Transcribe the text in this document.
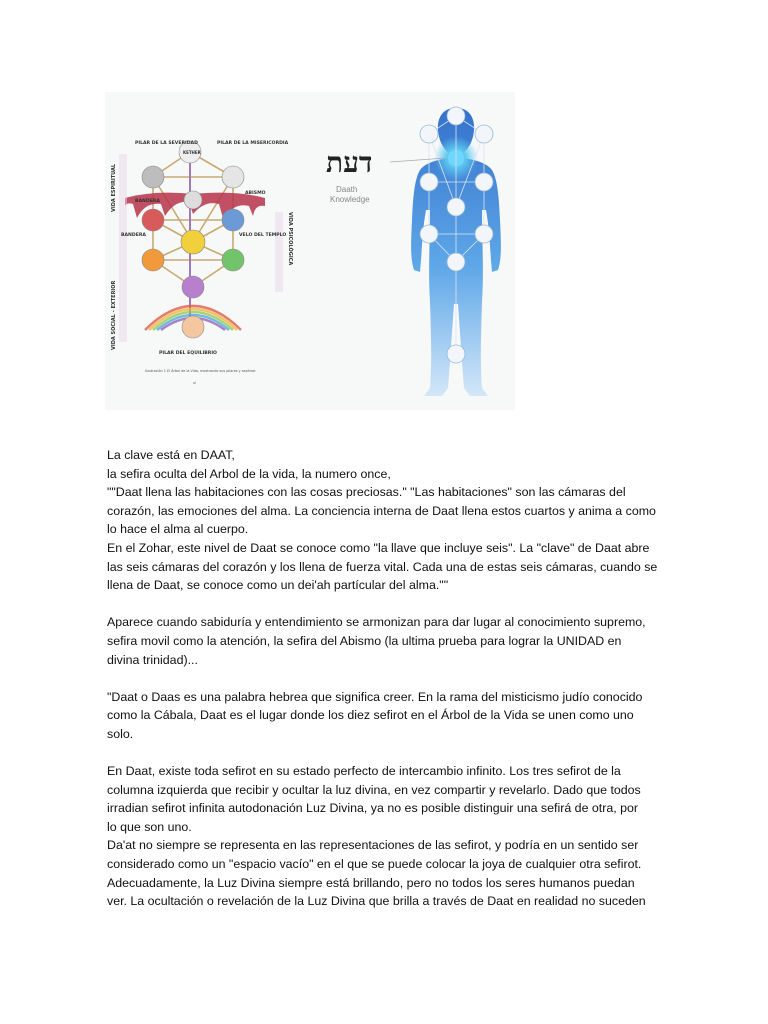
PILAR DE LA SEVERIDAD	PILAR DE LA MISERICORDIA
PILAR DEL EQUILIBRIO
BANDERA
BANDERA	VELO DEL TEMPLO
ABISMO
KETHER
VIDA ESPIRITUAL
VIDA SOCIAL - EXTERIOR
VIDA PSICOLÓGICA
Ilustración 1 El Árbol de la Vida, mostrando sus pilares y sephirot
xi
דעת
Daath
Knowledge

La clave está en DAAT,

la sefira oculta del Arbol de la vida, la numero once,

""Daat llena las habitaciones con las cosas preciosas." "Las habitaciones" son las cámaras del

corazón, las emociones del alma. La conciencia interna de Daat llena estos cuartos y anima a como

lo hace el alma al cuerpo.

En el Zohar, este nivel de Daat se conoce como "la llave que incluye seis". La "clave" de Daat abre

las seis cámaras del corazón y los llena de fuerza vital. Cada una de estas seis cámaras, cuando se

llena de Daat, se conoce como un dei'ah partícular del alma.""

Aparece cuando sabiduría y entendimiento se armonizan para dar lugar al conocimiento supremo,

sefira movil como la atención, la sefira del Abismo (la ultima prueba para lograr la UNIDAD en

divina trinidad)...

"Daat o Daas es una palabra hebrea que significa creer. En la rama del misticismo judío conocido

como la Cábala, Daat es el lugar donde los diez sefirot en el Árbol de la Vida se unen como uno

solo.

En Daat, existe toda sefirot en su estado perfecto de intercambio infinito. Los tres sefirot de la

columna izquierda que recibir y ocultar la luz divina, en vez compartir y revelarlo. Dado que todos

irradian sefirot infinita autodonación Luz Divina, ya no es posible distinguir una sefirá de otra, por

lo que son uno.

Da'at no siempre se representa en las representaciones de las sefirot, y podría en un sentido ser

considerado como un "espacio vacío" en el que se puede colocar la joya de cualquier otra sefirot.

Adecuadamente, la Luz Divina siempre está brillando, pero no todos los seres humanos puedan

ver. La ocultación o revelación de la Luz Divina que brilla a través de Daat en realidad no suceden
